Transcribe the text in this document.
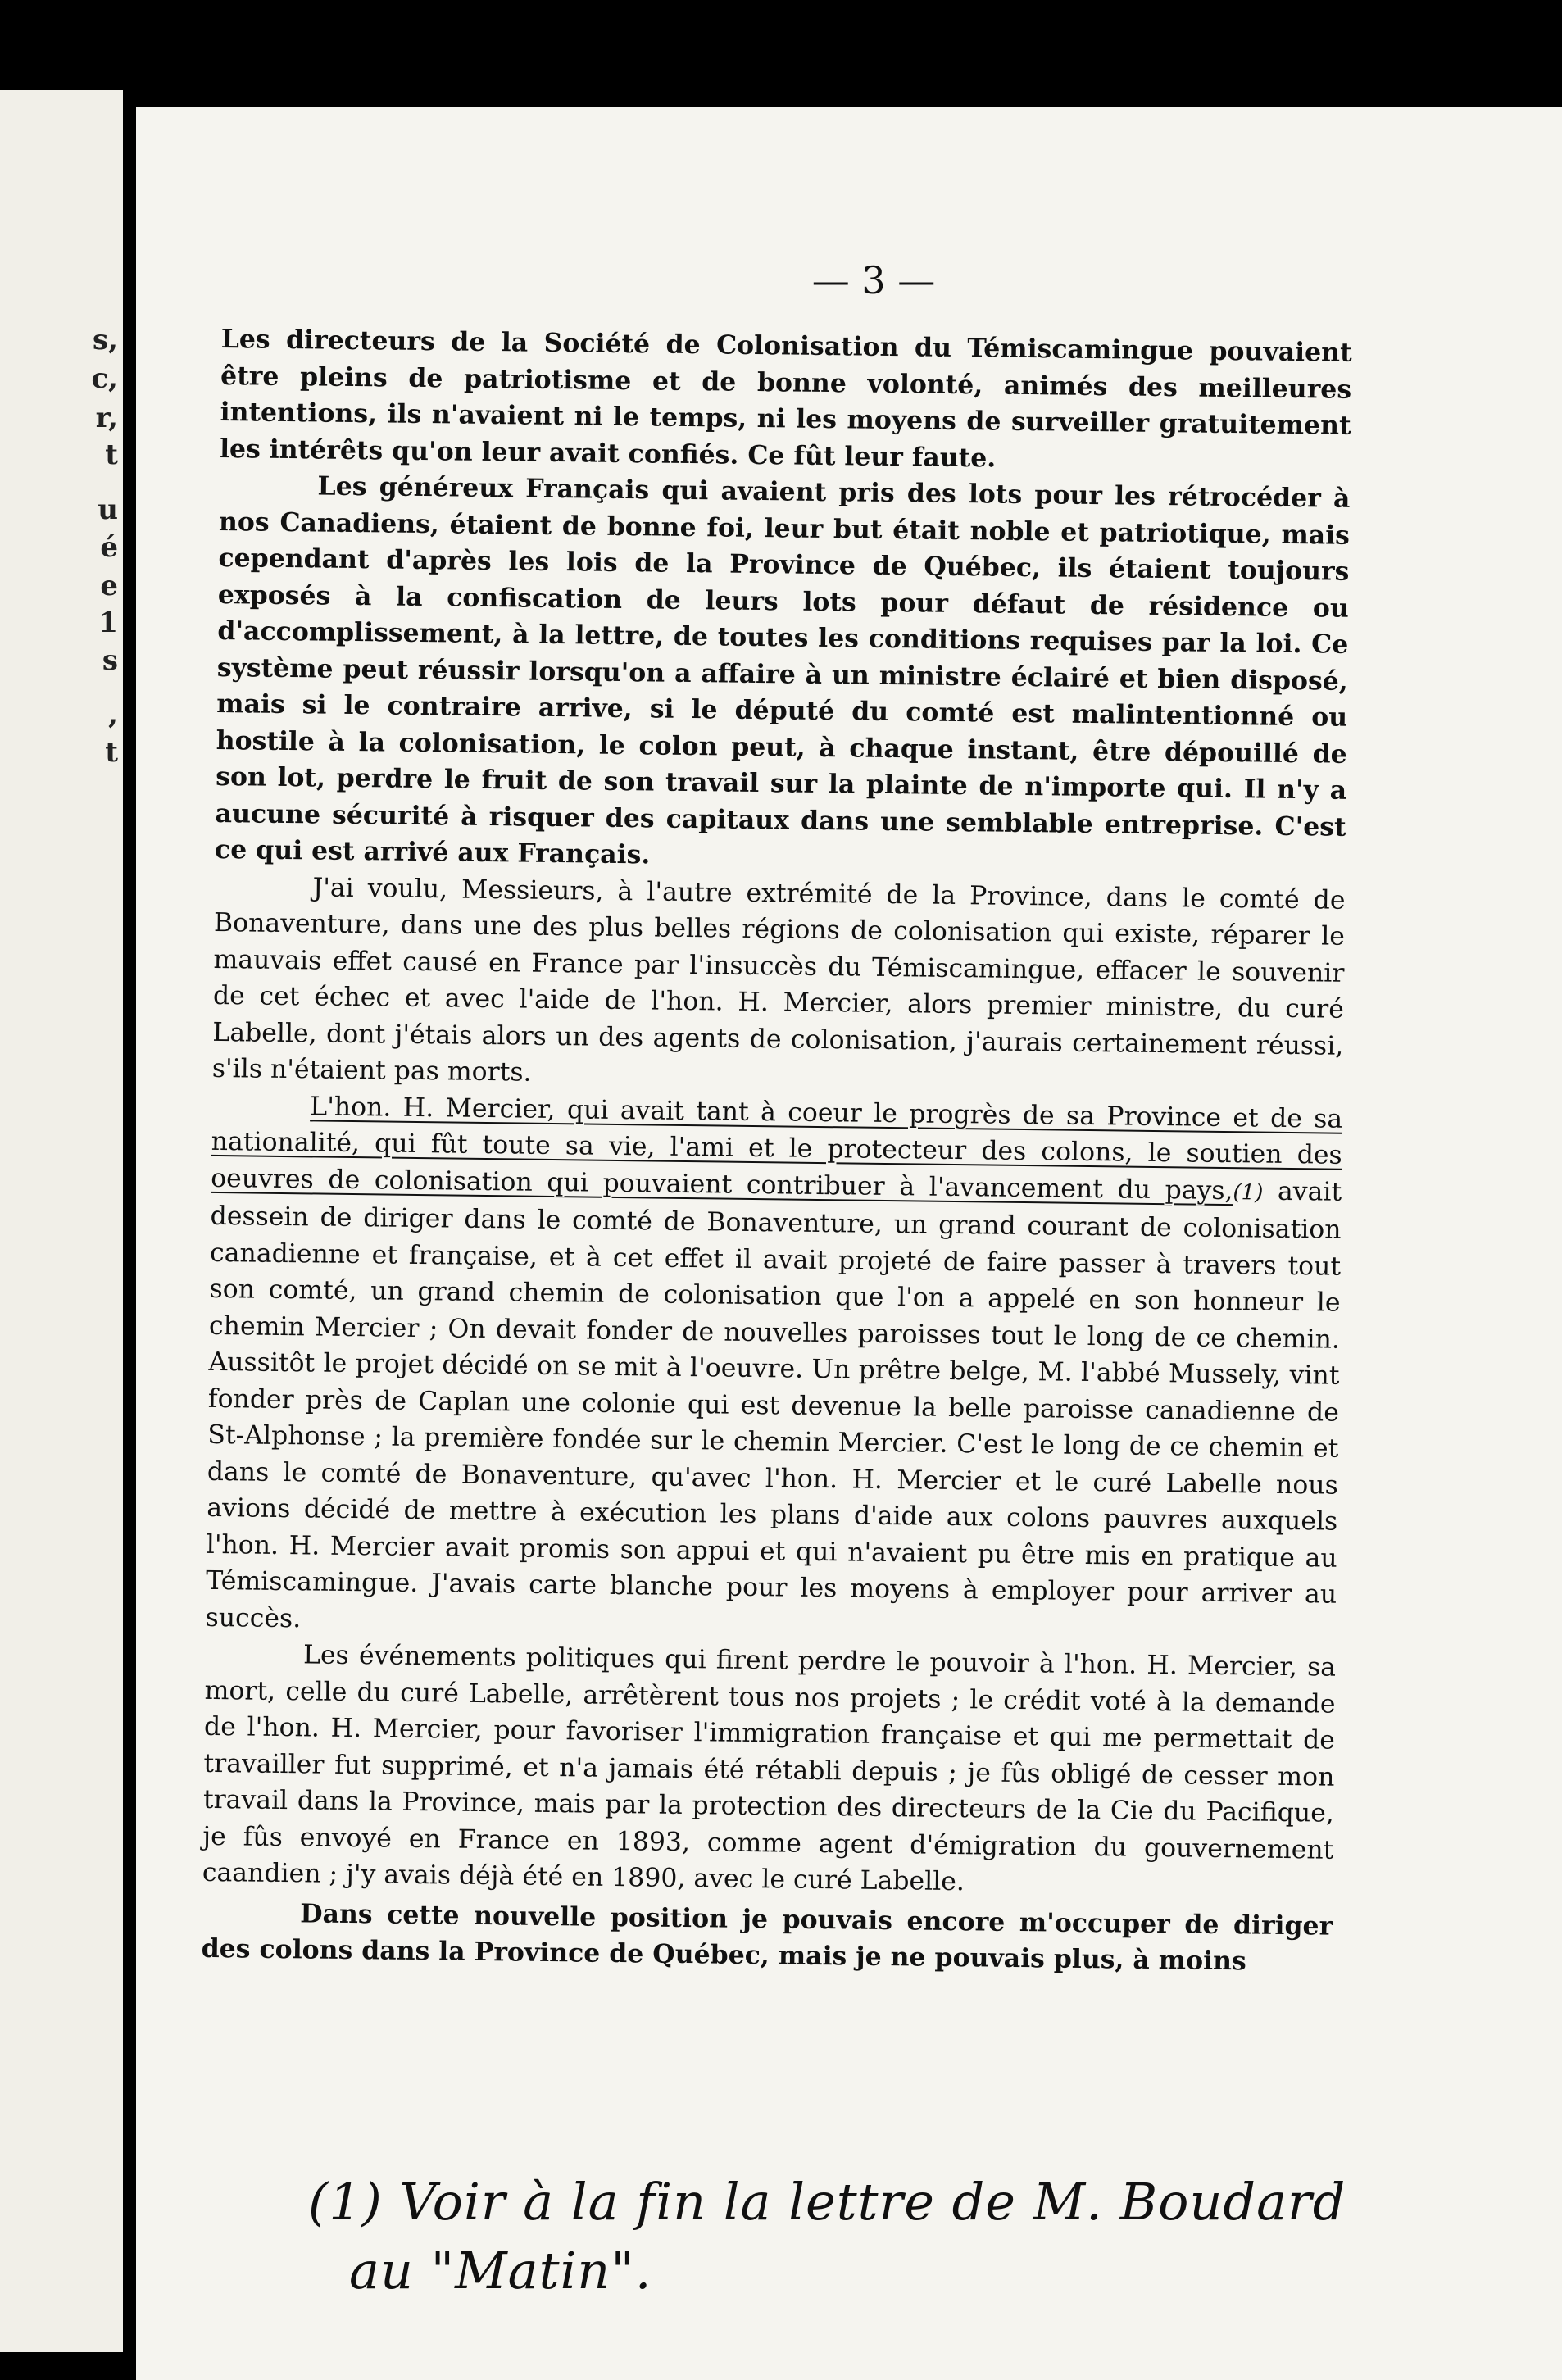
s,
c,
r,
t
u
é
e
1
s
,
t
— 3 —

Les directeurs de la Société de Colonisation du Témiscamingue pouvaient être pleins de patriotisme et de bonne volonté, animés des meilleures intentions, ils n'avaient ni le temps, ni les moyens de surveiller gratuitement les intérêts qu'on leur avait confiés. Ce fût leur faute.

Les généreux Français qui avaient pris des lots pour les rétrocéder à nos Canadiens, étaient de bonne foi, leur but était noble et patriotique, mais cependant d'après les lois de la Province de Québec, ils étaient toujours exposés à la confiscation de leurs lots pour défaut de résidence ou d'accomplissement, à la lettre, de toutes les conditions requises par la loi. Ce système peut réussir lorsqu'on a affaire à un ministre éclairé et bien disposé, mais si le contraire arrive, si le député du comté est malintentionné ou hostile à la colonisation, le colon peut, à chaque instant, être dépouillé de son lot, perdre le fruit de son travail sur la plainte de n'importe qui. Il n'y a aucune sécurité à risquer des capitaux dans une semblable entreprise. C'est ce qui est arrivé aux Français.

J'ai voulu, Messieurs, à l'autre extrémité de la Province, dans le comté de Bonaventure, dans une des plus belles régions de colonisation qui existe, réparer le mauvais effet causé en France par l'insuccès du Témiscamingue, effacer le souvenir de cet échec et avec l'aide de l'hon. H. Mercier, alors premier ministre, du curé Labelle, dont j'étais alors un des agents de colonisation, j'aurais certainement réussi, s'ils n'étaient pas morts.

L'hon. H. Mercier, qui avait tant à coeur le progrès de sa Province et de sa nationalité, qui fût toute sa vie, l'ami et le protecteur des colons, le soutien des oeuvres de colonisation qui pouvaient contribuer à l'avancement du pays,(1) avait dessein de diriger dans le comté de Bonaventure, un grand courant de colonisation canadienne et française, et à cet effet il avait projeté de faire passer à travers tout son comté, un grand chemin de colonisation que l'on a appelé en son honneur le chemin Mercier ; On devait fonder de nouvelles paroisses tout le long de ce chemin. Aussitôt le projet décidé on se mit à l'oeuvre. Un prêtre belge, M. l'abbé Mussely, vint fonder près de Caplan une colonie qui est devenue la belle paroisse canadienne de St-Alphonse ; la première fondée sur le chemin Mercier. C'est le long de ce chemin et dans le comté de Bonaventure, qu'avec l'hon. H. Mercier et le curé Labelle nous avions décidé de mettre à exécution les plans d'aide aux colons pauvres auxquels l'hon. H. Mercier avait promis son appui et qui n'avaient pu être mis en pratique au Témiscamingue. J'avais carte blanche pour les moyens à employer pour arriver au succès.

Les événements politiques qui firent perdre le pouvoir à l'hon. H. Mercier, sa mort, celle du curé Labelle, arrêtèrent tous nos projets ; le crédit voté à la demande de l'hon. H. Mercier, pour favoriser l'immigration française et qui me permettait de travailler fut supprimé, et n'a jamais été rétabli depuis ; je fûs obligé de cesser mon travail dans la Province, mais par la protection des directeurs de la Cie du Pacifique, je fûs envoyé en France en 1893, comme agent d'émigration du gouvernement caandien ; j'y avais déjà été en 1890, avec le curé Labelle.

Dans cette nouvelle position je pouvais encore m'occuper de diriger des colons dans la Province de Québec, mais je ne pouvais plus, à moins

(1) Voir à la fin la lettre de M. Boudard
au "Matin".
